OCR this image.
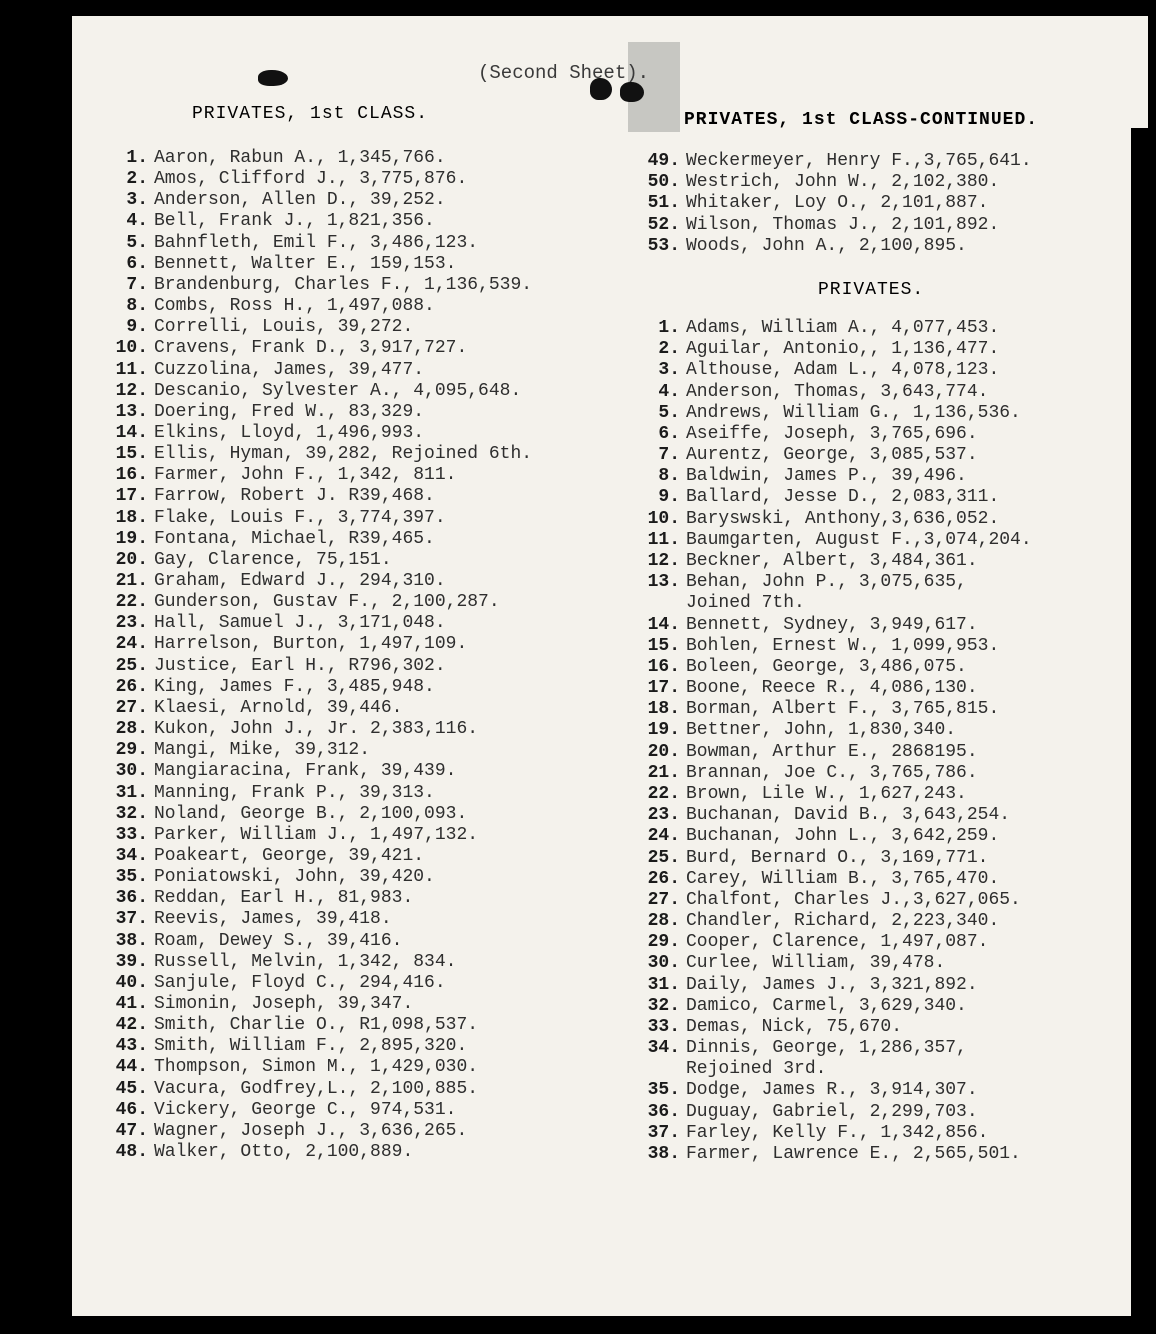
(Second Sheet).
PRIVATES, 1st CLASS.	PRIVATES, 1st CLASS-CONTINUED.
PRIVATES.
1. Aaron, Rabun A., 1,345,766.
2. Amos, Clifford J., 3,775,876.
3. Anderson, Allen D., 39,252.
4. Bell, Frank J., 1,821,356.
5. Bahnfleth, Emil F., 3,486,123.
6. Bennett, Walter E., 159,153.
7. Brandenburg, Charles F., 1,136,539.
8. Combs, Ross H., 1,497,088.
9. Correlli, Louis, 39,272.
10. Cravens, Frank D., 3,917,727.
11. Cuzzolina, James, 39,477.
12. Descanio, Sylvester A., 4,095,648.
13. Doering, Fred W., 83,329.
14. Elkins, Lloyd, 1,496,993.
15. Ellis, Hyman, 39,282, Rejoined 6th.
16. Farmer, John F., 1,342, 811.
17. Farrow, Robert J. R39,468.
18. Flake, Louis F., 3,774,397.
19. Fontana, Michael, R39,465.
20. Gay, Clarence, 75,151.
21. Graham, Edward J., 294,310.
22. Gunderson, Gustav F., 2,100,287.
23. Hall, Samuel J., 3,171,048.
24. Harrelson, Burton, 1,497,109.
25. Justice, Earl H., R796,302.
26. King, James F., 3,485,948.
27. Klaesi, Arnold, 39,446.
28. Kukon, John J., Jr. 2,383,116.
29. Mangi, Mike, 39,312.
30. Mangiaracina, Frank, 39,439.
31. Manning, Frank P., 39,313.
32. Noland, George B., 2,100,093.
33. Parker, William J., 1,497,132.
34. Poakeart, George, 39,421.
35. Poniatowski, John, 39,420.
36. Reddan, Earl H., 81,983.
37. Reevis, James, 39,418.
38. Roam, Dewey S., 39,416.
39. Russell, Melvin, 1,342, 834.
40. Sanjule, Floyd C., 294,416.
41. Simonin, Joseph, 39,347.
42. Smith, Charlie O., R1,098,537.
43. Smith, William F., 2,895,320.
44. Thompson, Simon M., 1,429,030.
45. Vacura, Godfrey,L., 2,100,885.
46. Vickery, George C., 974,531.
47. Wagner, Joseph J., 3,636,265.
48. Walker, Otto, 2,100,889.
49. Weckermeyer, Henry F.,3,765,641.
50. Westrich, John W., 2,102,380.
51. Whitaker, Loy O., 2,101,887.
52. Wilson, Thomas J., 2,101,892.
53. Woods, John A., 2,100,895.
1. Adams, William A., 4,077,453.
2. Aguilar, Antonio,, 1,136,477.
3. Althouse, Adam L., 4,078,123.
4. Anderson, Thomas, 3,643,774.
5. Andrews, William G., 1,136,536.
6. Aseiffe, Joseph, 3,765,696.
7. Aurentz, George, 3,085,537.
8. Baldwin, James P., 39,496.
9. Ballard, Jesse D., 2,083,311.
10. Baryswski, Anthony,3,636,052.
11. Baumgarten, August F.,3,074,204.
12. Beckner, Albert, 3,484,361.
13. Behan, John P., 3,075,635,
Joined 7th.
14. Bennett, Sydney, 3,949,617.
15. Bohlen, Ernest W., 1,099,953.
16. Boleen, George, 3,486,075.
17. Boone, Reece R., 4,086,130.
18. Borman, Albert F., 3,765,815.
19. Bettner, John, 1,830,340.
20. Bowman, Arthur E., 2868195.
21. Brannan, Joe C., 3,765,786.
22. Brown, Lile W., 1,627,243.
23. Buchanan, David B., 3,643,254.
24. Buchanan, John L., 3,642,259.
25. Burd, Bernard O., 3,169,771.
26. Carey, William B., 3,765,470.
27. Chalfont, Charles J.,3,627,065.
28. Chandler, Richard, 2,223,340.
29. Cooper, Clarence, 1,497,087.
30. Curlee, William, 39,478.
31. Daily, James J., 3,321,892.
32. Damico, Carmel, 3,629,340.
33. Demas, Nick, 75,670.
34. Dinnis, George, 1,286,357,
Rejoined 3rd.
35. Dodge, James R., 3,914,307.
36. Duguay, Gabriel, 2,299,703.
37. Farley, Kelly F., 1,342,856.
38. Farmer, Lawrence E., 2,565,501.
